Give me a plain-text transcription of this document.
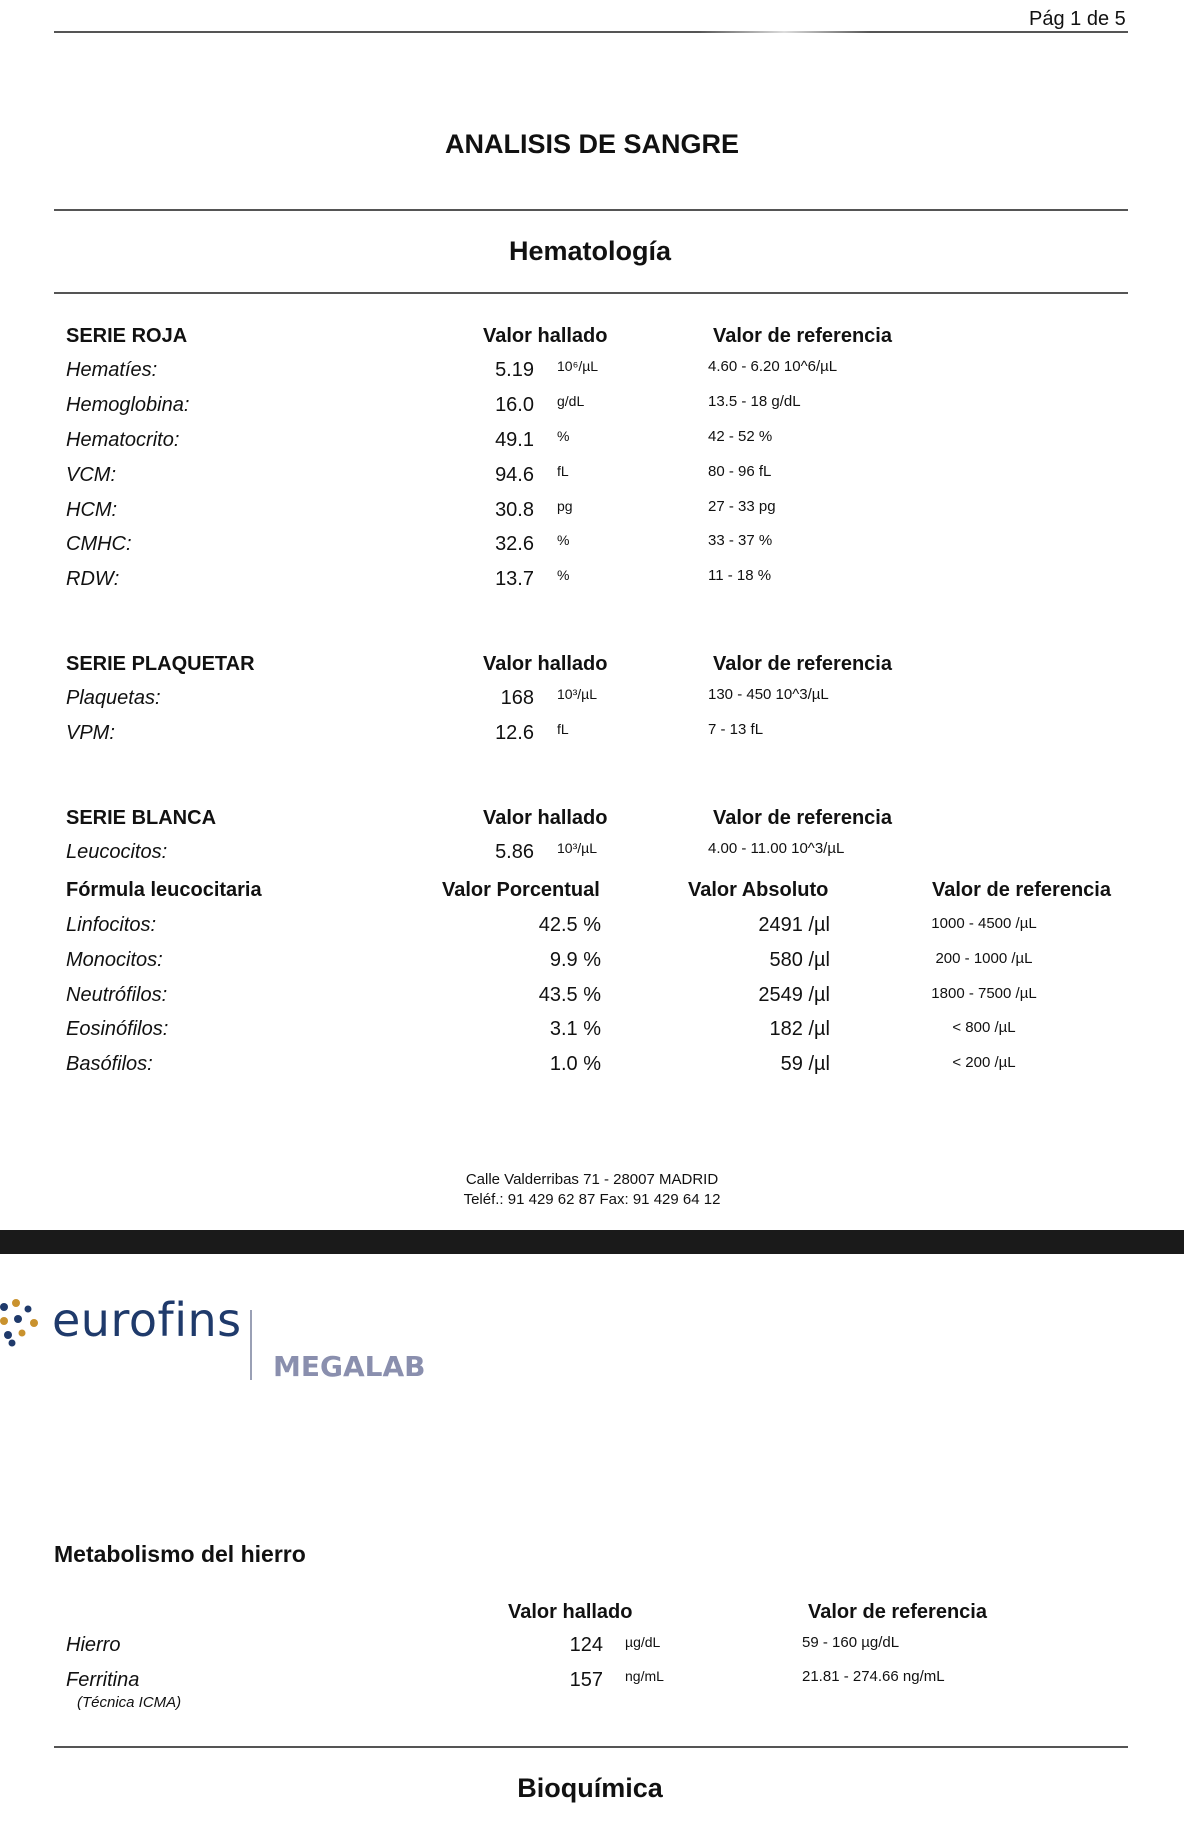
Pág 1 de 5
ANALISIS DE SANGRE
Hematología
SERIE ROJA	Valor hallado	Valor de referencia
Hematíes:	5.19 10⁶/µL	4.60 - 6.20 10^6/µL
Hemoglobina:	16.0 g/dL	13.5 - 18 g/dL
Hematocrito:	49.1 %	42 - 52 %
VCM:	94.6 fL	80 - 96 fL
HCM:	30.8 pg	27 - 33 pg
CMHC:	32.6 %	33 - 37 %
RDW:	13.7 %	11 - 18 %
SERIE PLAQUETAR	Valor hallado	Valor de referencia
Plaquetas:	168 10³/µL	130 - 450 10^3/µL
VPM:	12.6 fL	7 - 13 fL
SERIE BLANCA	Valor hallado	Valor de referencia
Leucocitos:	5.86 10³/µL	4.00 - 11.00 10^3/µL
Fórmula leucocitaria	Valor Porcentual	Valor Absoluto	Valor de referencia
Linfocitos:	42.5 %	2491 /µl	1000 - 4500 /µL
Monocitos:	9.9 %	580 /µl	200 - 1000 /µL
Neutrófilos:	43.5 %	2549 /µl	1800 - 7500 /µL
Eosinófilos:	3.1 %	182 /µl	< 800 /µL
Basófilos:	1.0 %	59 /µl	< 200 /µL
Calle Valderribas 71 - 28007 MADRID
Teléf.: 91 429 62 87 Fax: 91 429 64 12
eurofins
MEGALAB
Metabolismo del hierro
Valor hallado	Valor de referencia
Hierro	124 µg/dL	59 - 160 µg/dL
Ferritina	157 ng/mL	21.81 - 274.66 ng/mL
(Técnica ICMA)
Bioquímica
